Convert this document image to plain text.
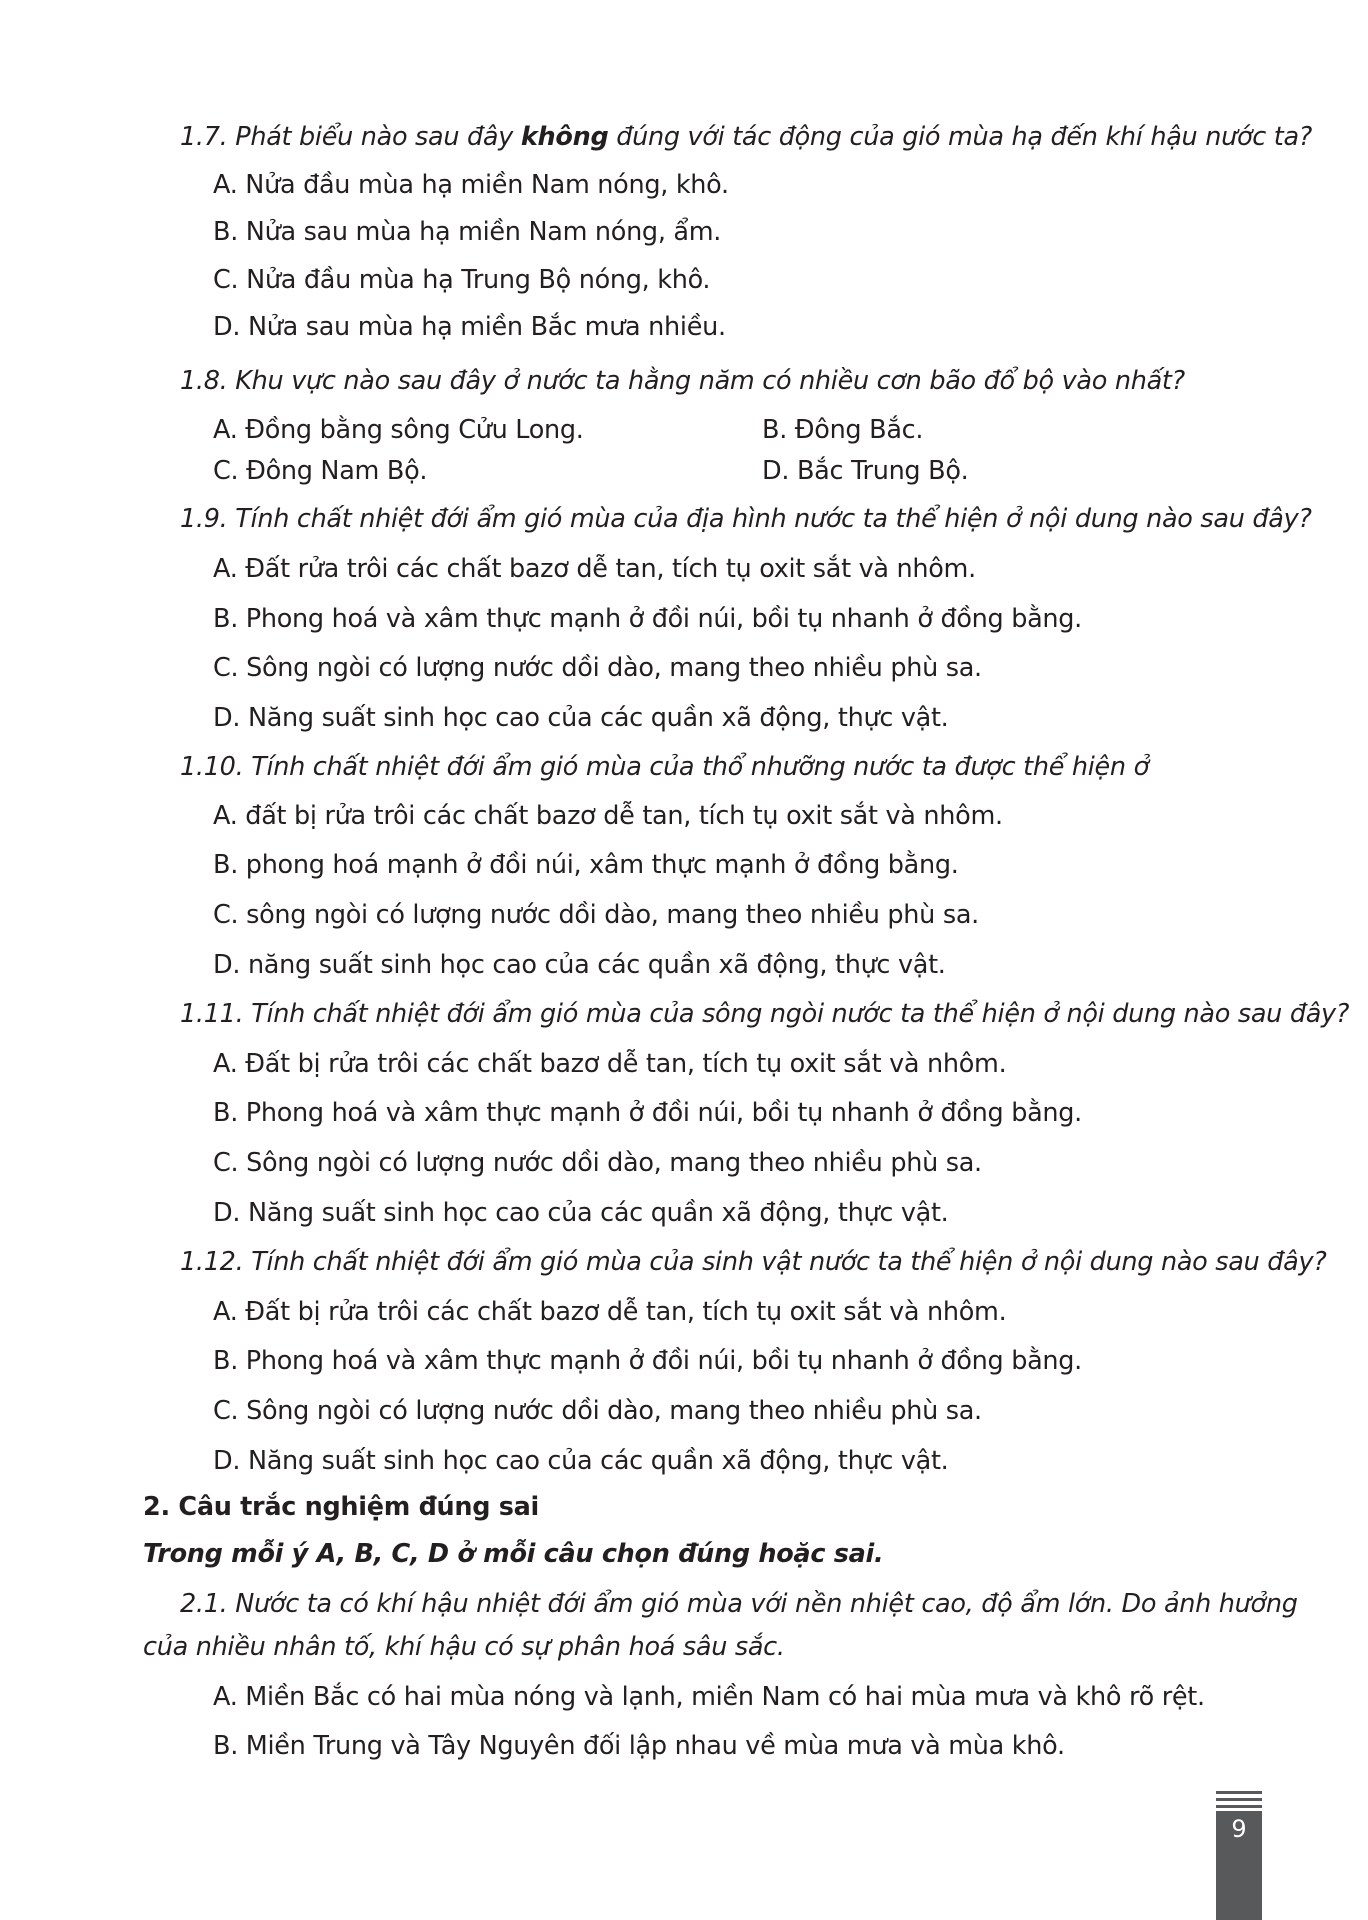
1.7. Phát biểu nào sau đây không đúng với tác động của gió mùa hạ đến khí hậu nước ta?
A. Nửa đầu mùa hạ miền Nam nóng, khô.
B. Nửa sau mùa hạ miền Nam nóng, ẩm.
C. Nửa đầu mùa hạ Trung Bộ nóng, khô.
D. Nửa sau mùa hạ miền Bắc mưa nhiều.
1.8. Khu vực nào sau đây ở nước ta hằng năm có nhiều cơn bão đổ bộ vào nhất?
A. Đồng bằng sông Cửu Long.	B. Đông Bắc.
C. Đông Nam Bộ.	D. Bắc Trung Bộ.
1.9. Tính chất nhiệt đới ẩm gió mùa của địa hình nước ta thể hiện ở nội dung nào sau đây?
A. Đất rửa trôi các chất bazơ dễ tan, tích tụ oxit sắt và nhôm.
B. Phong hoá và xâm thực mạnh ở đồi núi, bồi tụ nhanh ở đồng bằng.
C. Sông ngòi có lượng nước dồi dào, mang theo nhiều phù sa.
D. Năng suất sinh học cao của các quần xã động, thực vật.
1.10. Tính chất nhiệt đới ẩm gió mùa của thổ nhưỡng nước ta được thể hiện ở
A. đất bị rửa trôi các chất bazơ dễ tan, tích tụ oxit sắt và nhôm.
B. phong hoá mạnh ở đồi núi, xâm thực mạnh ở đồng bằng.
C. sông ngòi có lượng nước dồi dào, mang theo nhiều phù sa.
D. năng suất sinh học cao của các quần xã động, thực vật.
1.11. Tính chất nhiệt đới ẩm gió mùa của sông ngòi nước ta thể hiện ở nội dung nào sau đây?
A. Đất bị rửa trôi các chất bazơ dễ tan, tích tụ oxit sắt và nhôm.
B. Phong hoá và xâm thực mạnh ở đồi núi, bồi tụ nhanh ở đồng bằng.
C. Sông ngòi có lượng nước dồi dào, mang theo nhiều phù sa.
D. Năng suất sinh học cao của các quần xã động, thực vật.
1.12. Tính chất nhiệt đới ẩm gió mùa của sinh vật nước ta thể hiện ở nội dung nào sau đây?
A. Đất bị rửa trôi các chất bazơ dễ tan, tích tụ oxit sắt và nhôm.
B. Phong hoá và xâm thực mạnh ở đồi núi, bồi tụ nhanh ở đồng bằng.
C. Sông ngòi có lượng nước dồi dào, mang theo nhiều phù sa.
D. Năng suất sinh học cao của các quần xã động, thực vật.
2. Câu trắc nghiệm đúng sai
Trong mỗi ý A, B, C, D ở mỗi câu chọn đúng hoặc sai.
2.1. Nước ta có khí hậu nhiệt đới ẩm gió mùa với nền nhiệt cao, độ ẩm lớn. Do ảnh hưởng
của nhiều nhân tố, khí hậu có sự phân hoá sâu sắc.
A. Miền Bắc có hai mùa nóng và lạnh, miền Nam có hai mùa mưa và khô rõ rệt.
B. Miền Trung và Tây Nguyên đối lập nhau về mùa mưa và mùa khô.
9
